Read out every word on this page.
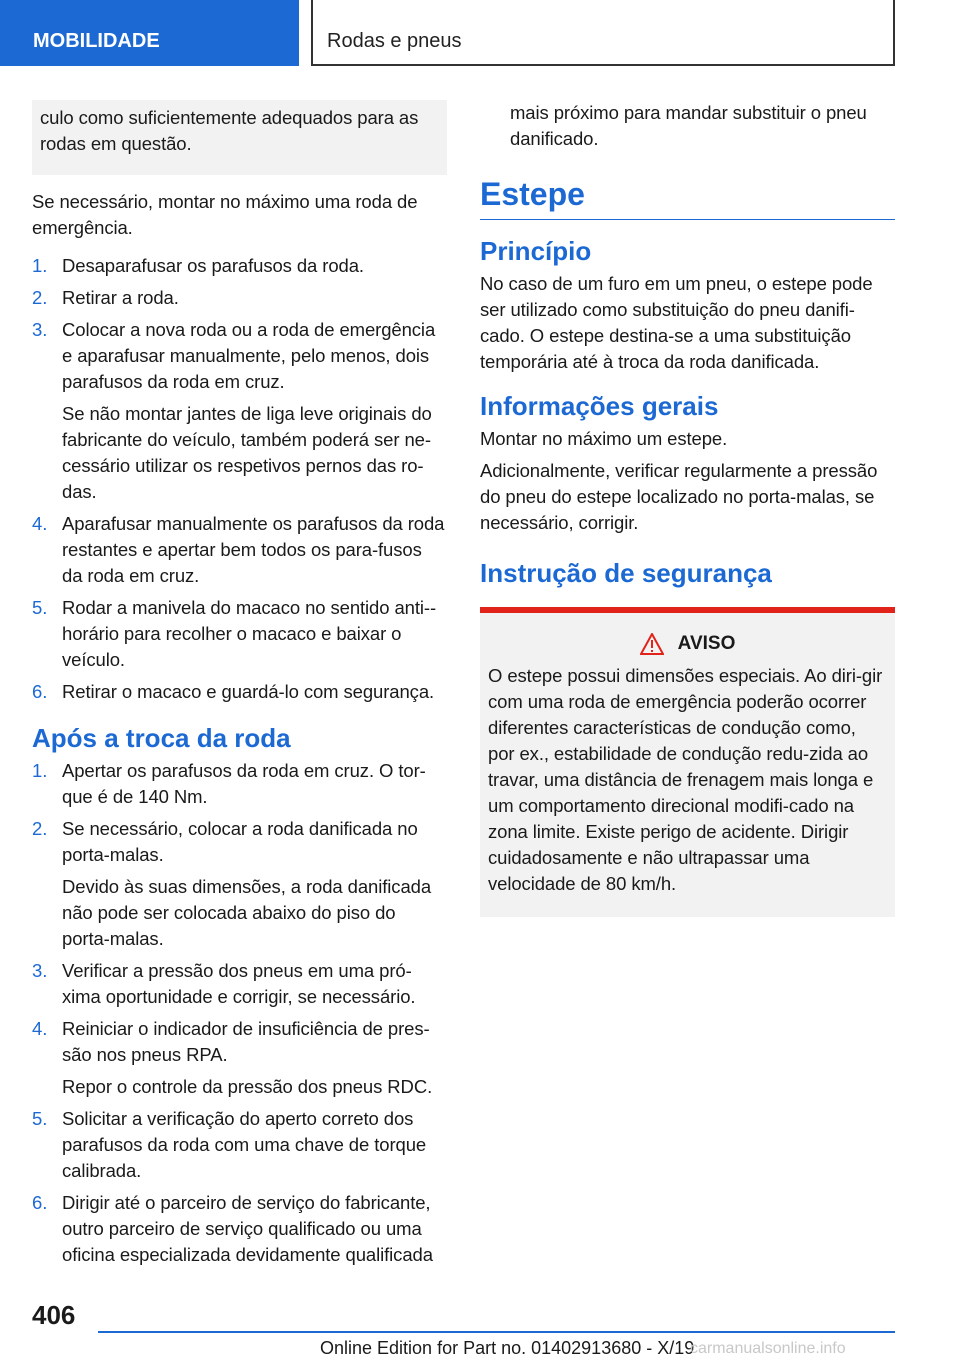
MOBILIDADE	Rodas e pneus

culo como suficientemente adequados para as rodas em questão.

Se necessário, montar no máximo uma roda de emergência.

1. Desaparafusar os parafusos da roda.
2. Retirar a roda.
3. Colocar a nova roda ou a roda de emergência e aparafusar manualmente, pelo menos, dois parafusos da roda em cruz.
Se não montar jantes de liga leve originais do fabricante do veículo, também poderá ser ne-cessário utilizar os respetivos pernos das ro-das.
4. Aparafusar manualmente os parafusos da roda restantes e apertar bem todos os para-fusos da roda em cruz.
5. Rodar a manivela do macaco no sentido anti--horário para recolher o macaco e baixar o veículo.
6. Retirar o macaco e guardá-lo com segurança.
Após a troca da roda
1. Apertar os parafusos da roda em cruz. O tor-que é de 140 Nm.
2. Se necessário, colocar a roda danificada no porta-malas.
Devido às suas dimensões, a roda danificada não pode ser colocada abaixo do piso do porta-malas.
3. Verificar a pressão dos pneus em uma pró-xima oportunidade e corrigir, se necessário.
4. Reiniciar o indicador de insuficiência de pres-são nos pneus RPA.
Repor o controle da pressão dos pneus RDC.
5. Solicitar a verificação do aperto correto dos parafusos da roda com uma chave de torque calibrada.
6. Dirigir até o parceiro de serviço do fabricante, outro parceiro de serviço qualificado ou uma oficina especializada devidamente qualificada

mais próximo para mandar substituir o pneu danificado.

Estepe
Princípio

No caso de um furo em um pneu, o estepe pode ser utilizado como substituição do pneu danifi-cado. O estepe destina-se a uma substituição temporária até à troca da roda danificada.

Informações gerais

Montar no máximo um estepe.

Adicionalmente, verificar regularmente a pressão do pneu do estepe localizado no porta-malas, se necessário, corrigir.

Instrução de segurança
AVISO

O estepe possui dimensões especiais. Ao diri-gir com uma roda de emergência poderão ocorrer diferentes características de condução como, por ex., estabilidade de condução redu-zida ao travar, uma distância de frenagem mais longa e um comportamento direcional modifi-cado na zona limite. Existe perigo de acidente. Dirigir cuidadosamente e não ultrapassar uma velocidade de 80 km/h.

406
Online Edition for Part no. 01402913680 - X/19
carmanualsonline.info
